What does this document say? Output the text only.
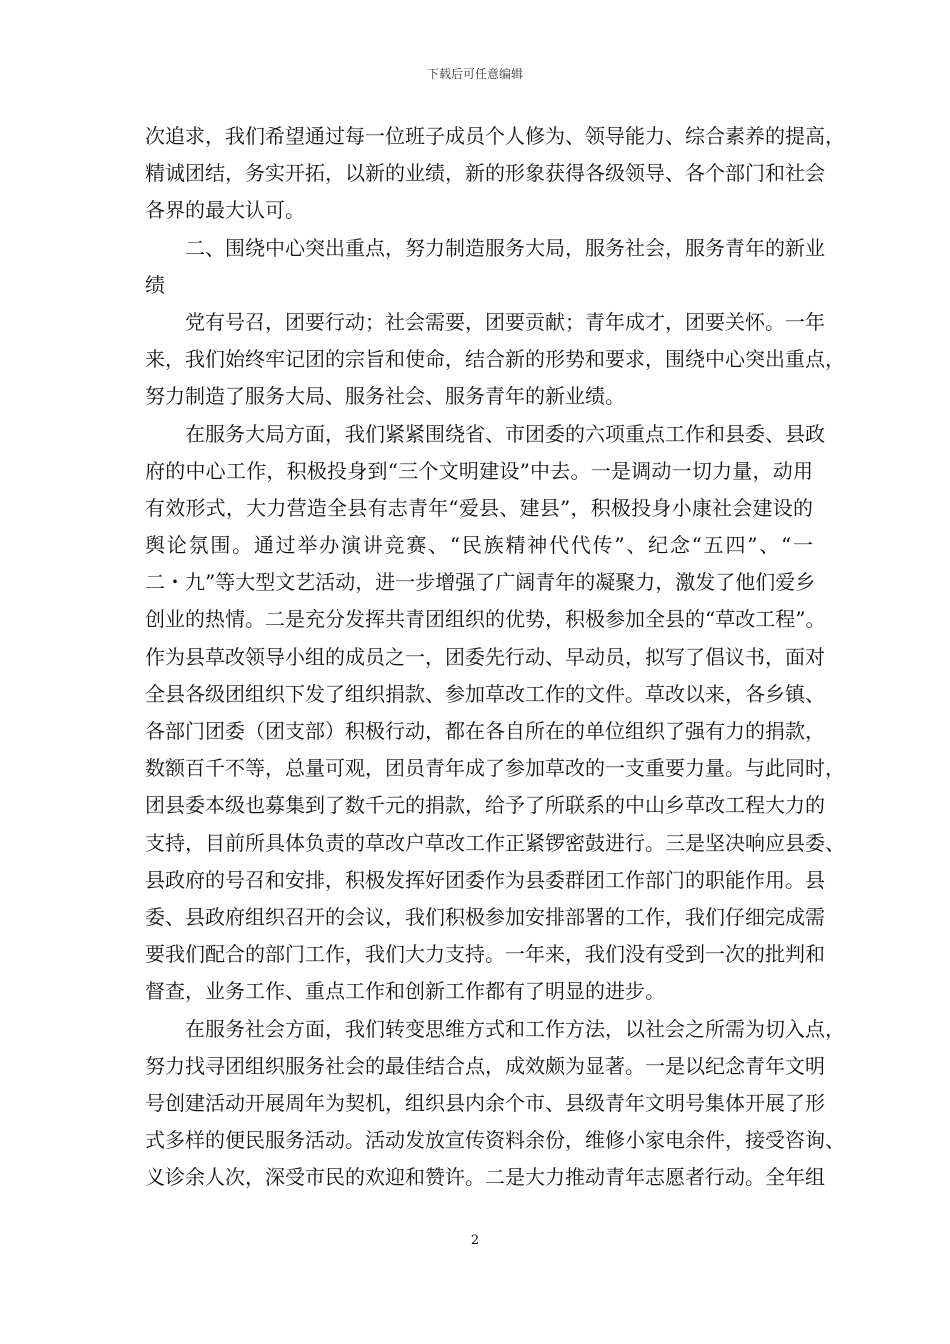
下载后可任意编辑
次追求，我们希望通过每一位班子成员个人修为、领导能力、综合素养的提高，
精诚团结，务实开拓，以新的业绩，新的形象获得各级领导、各个部门和社会
各界的最大认可。
二、围绕中心突出重点，努力制造服务大局，服务社会，服务青年的新业
绩
党有号召，团要行动；社会需要，团要贡献；青年成才，团要关怀。一年
来，我们始终牢记团的宗旨和使命，结合新的形势和要求，围绕中心突出重点，
努力制造了服务大局、服务社会、服务青年的新业绩。
在服务大局方面，我们紧紧围绕省、市团委的六项重点工作和县委、县政
府的中心工作，积极投身到“三个文明建设”中去。一是调动一切力量，动用
有效形式，大力营造全县有志青年“爱县、建县”，积极投身小康社会建设的
舆论氛围。通过举办演讲竞赛、“民族精神代代传”、纪念“五四”、“一
二・九”等大型文艺活动，进一步增强了广阔青年的凝聚力，激发了他们爱乡
创业的热情。二是充分发挥共青团组织的优势，积极参加全县的“草改工程”。
作为县草改领导小组的成员之一，团委先行动、早动员，拟写了倡议书，面对
全县各级团组织下发了组织捐款、参加草改工作的文件。草改以来，各乡镇、
各部门团委（团支部）积极行动，都在各自所在的单位组织了强有力的捐款，
数额百千不等，总量可观，团员青年成了参加草改的一支重要力量。与此同时，
团县委本级也募集到了数千元的捐款，给予了所联系的中山乡草改工程大力的
支持，目前所具体负责的草改户草改工作正紧锣密鼓进行。三是坚决响应县委、
县政府的号召和安排，积极发挥好团委作为县委群团工作部门的职能作用。县
委、县政府组织召开的会议，我们积极参加安排部署的工作，我们仔细完成需
要我们配合的部门工作，我们大力支持。一年来，我们没有受到一次的批判和
督查，业务工作、重点工作和创新工作都有了明显的进步。
在服务社会方面，我们转变思维方式和工作方法，以社会之所需为切入点，
努力找寻团组织服务社会的最佳结合点，成效颇为显著。一是以纪念青年文明
号创建活动开展周年为契机，组织县内余个市、县级青年文明号集体开展了形
式多样的便民服务活动。活动发放宣传资料余份，维修小家电余件，接受咨询、
义诊余人次，深受市民的欢迎和赞许。二是大力推动青年志愿者行动。全年组
2
